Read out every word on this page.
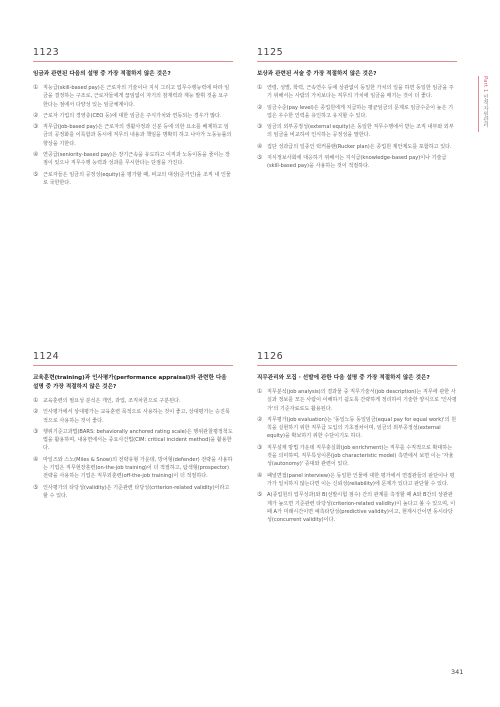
1123
임금과 관련된 다음의 설명 중 가장 적절하지 않은 것은?
① 직능급(skill-based pay)은 근로자의 기술이나 지식 그리고 업무수행능력에 따라 임금을 결정하는 구조로, 근로자들에게 끊임없이 자기의 잠재력과 재능 발휘 것을 요구한다는 점에서 다양성 있는 임금체계이다.
② 근로자 기업의 경영층(CEO 등)에 대한 임금은 주식가치와 연동되는 경우가 많다.
③ 직무급(job-based pay)은 근로자의 생활사정과 신분 등에 의한 요소를 배제하고 임금의 공정화를 이룩함과 동시에 직무의 내용과 책임을 명확히 하고 나아가 노동능률의 향상을 기한다.
④ 연공급(seniority-based pay)은 장기근속을 유도하고 이직과 노동이동을 줄이는 장점이 있으나 직무수행 능력과 성과를 무시한다는 단점을 가진다.
⑤ 근로자들은 임금의 공정성(equity)을 평가할 때, 비교의 대상(준거인)을 조직 내 인물로 국한한다.
1124
교육훈련(training)과 인사평가(performance appraisal)와 관련한 다음 설명 중 가장 적절하지 않은 것은?
① 교육훈련의 필요성 분석은 개인, 과업, 조직차원으로 구분된다.
② 인사평가에서 상대평가는 교육훈련 목적으로 사용하는 것이 좋고, 상대평가는 승진목적으로 사용하는 것이 좋다.
③ 행위기준고과법(BARS: behaviorally anchored rating scale)은 행위관찰평정척도법을 활용하며, 내용면에서는 중요사건법(CIM: critical incident method)을 활용한다.
④ 마일즈와 스노(Miles & Snow)의 전략유형 가운데, 방어형(defender) 전략을 사용하는 기업은 직무현장훈련(on-the-job training)이 더 적절하고, 탐색형(prospector) 전략을 사용하는 기업은 직무외훈련(off-the-job training)이 더 적절하다.
⑤ 인사평가의 타당성(validity)은 기준관련 타당성(criterion-related validity)이라고 할 수 있다.
1125
보상과 관련된 서술 중 가장 적절하지 않은 것은?
① 연령, 성별, 학력, 근속연수 등에 상관없이 동일한 가치의 일을 하면 동일한 임금을 주기 위해서는 사람의 가치보다는 직무의 가치에 임금을 매기는 것이 더 좋다.
② 임금수준(pay level)은 종업원에게 지급하는 평균임금의 문제로 임금수준이 높은 기업은 우수한 인력을 유인하고 유지할 수 있다.
③ 임금의 외부공정성(external equity)은 동일한 직무수행에서 받는 조직 내부와 외부의 임금을 비교하여 인식하는 공정성을 말한다.
④ 집단 성과급의 일종인 럭커플랜(Rucker plan)은 종업원 제안제도를 포함하고 있다.
⑤ 지식정보사회에 대응하기 위해서는 지식급(knowledge-based pay)이나 기술급(skill-based pay)을 사용하는 것이 적절하다.
1126
직무관리와 모집 · 선발에 관한 다음 설명 중 가장 적절하지 않은 것은?
① 직무분석(job analysis)의 결과물 중 직무기술서(job description)는 직무에 관한 사실과 정보를 모든 사람이 이해하기 쉽도록 간략하게 정리하여 기술한 양식으로 '인사평가'의 기준자료로도 활용된다.
② 직무평가(job evaluation)는 '동일노동 동일임금(equal pay for equal work)'의 원칙을 실현하기 위한 직무급 도입의 기초절차이며, 임금의 외부공정성(external equity)을 확보하기 위한 수단이기도 하다.
③ 직무설계 방법 가운데 직무충실화(job enrichment)는 직무를 수직적으로 확대하는 것을 의미하며, 직무특성이론(job characteristic model) 측면에서 보면 이는 '자율성(autonomy)' 증대와 관련이 있다.
④ 패널면접(panel interview)은 동일한 인물에 대한 평가에서 면접관들의 판단이나 평가가 일치하지 않는다면 이는 신뢰성(reliability)에 문제가 있다고 판단할 수 있다.
⑤ A(종업원의 업무성과)와 B(선발시험 점수) 간의 관계를 측정할 때 A와 B간의 상관관계가 높으면 기준관련 타당성(criterion-related validity)이 높다고 볼 수 있으며, 이때 A가 미래시간이면 예측타당성(predictive validity)이고, 현재시간이면 동시타당성(concurrent validity)이다.
Part 1 인적자원관리
341
